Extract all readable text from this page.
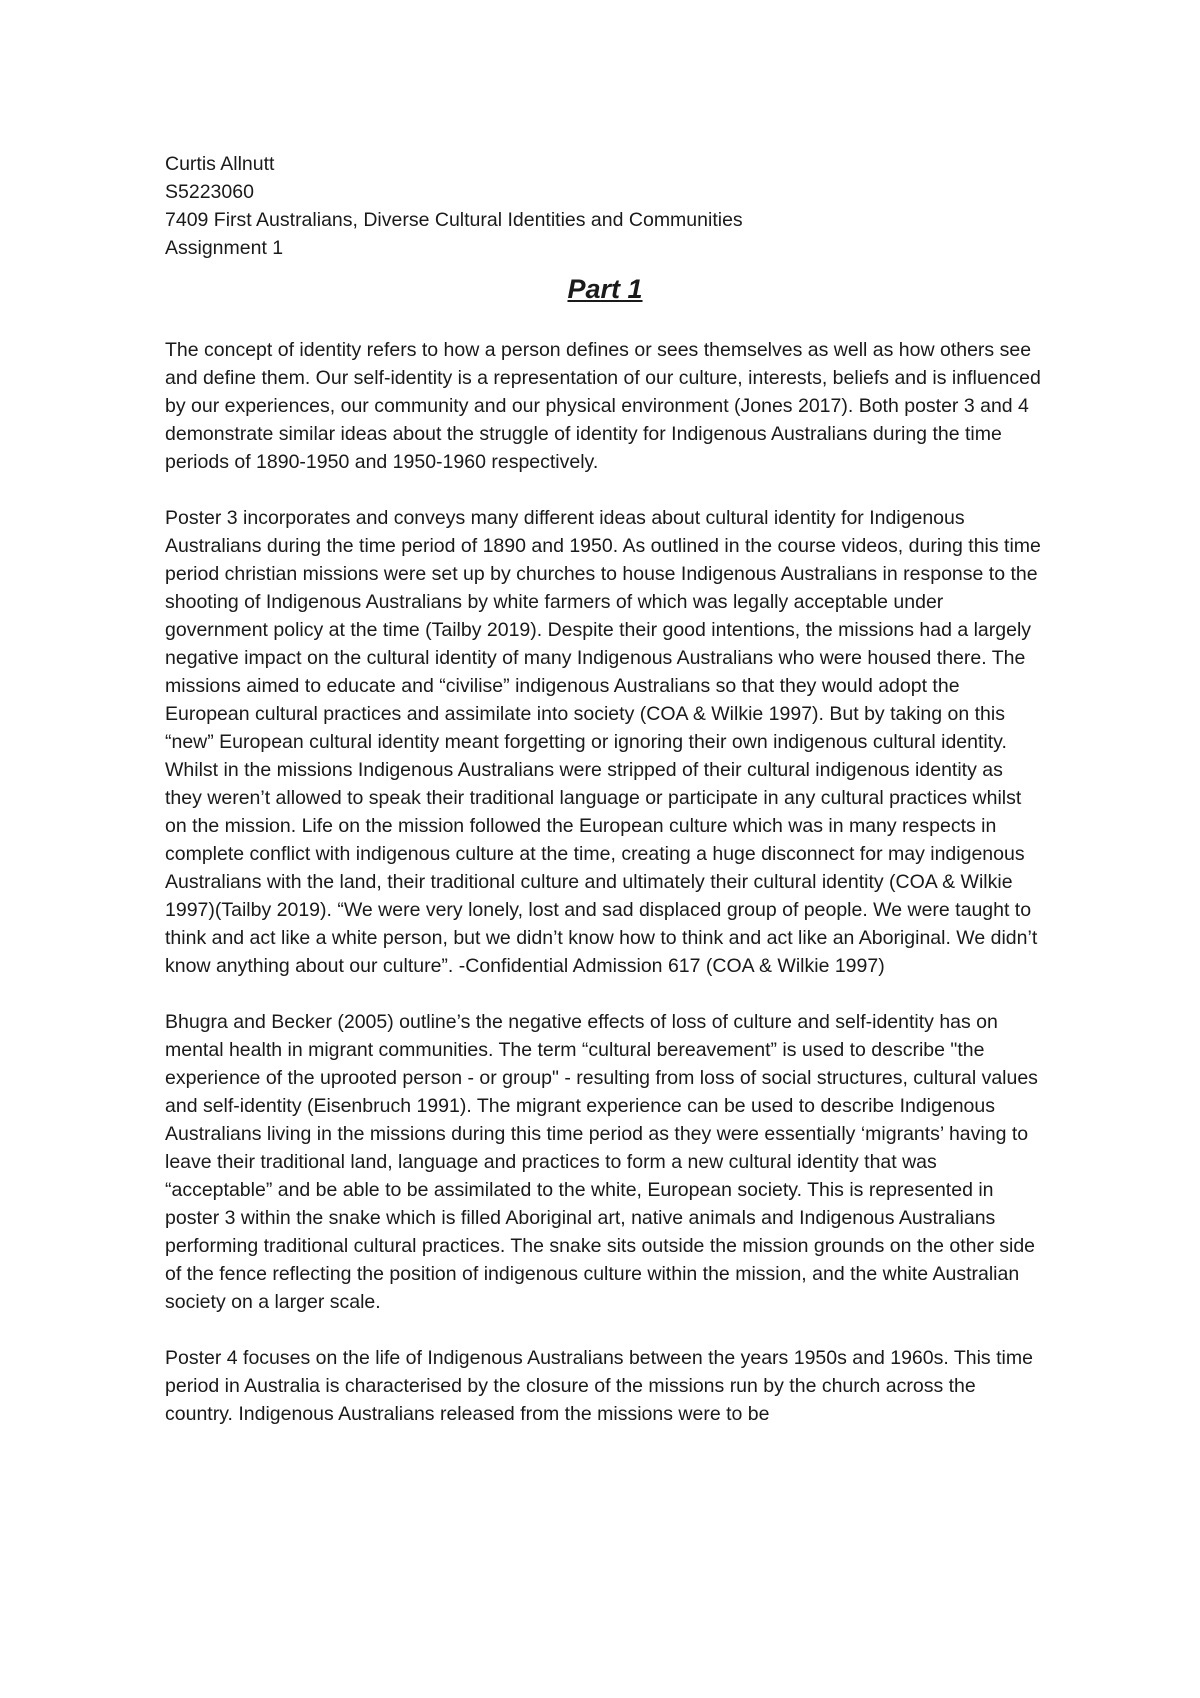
Curtis Allnutt

S5223060

7409 First Australians, Diverse Cultural Identities and Communities

Assignment 1

Part 1

The concept of identity refers to how a person defines or sees themselves as well as how others see and define them. Our self-identity is a representation of our culture, interests, beliefs and is influenced by our experiences, our community and our physical environment (Jones 2017). Both poster 3 and 4 demonstrate similar ideas about the struggle of identity for Indigenous Australians during the time periods of 1890-1950 and 1950-1960 respectively.

Poster 3 incorporates and conveys many different ideas about cultural identity for Indigenous Australians during the time period of 1890 and 1950. As outlined in the course videos, during this time period christian missions were set up by churches to house Indigenous Australians in response to the shooting of Indigenous Australians by white farmers of which was legally acceptable under government policy at the time (Tailby 2019). Despite their good intentions, the missions had a largely negative impact on the cultural identity of many Indigenous Australians who were housed there. The missions aimed to educate and “civilise” indigenous Australians so that they would adopt the European cultural practices and assimilate into society (COA & Wilkie 1997). But by taking on this “new” European cultural identity meant forgetting or ignoring their own indigenous cultural identity. Whilst in the missions Indigenous Australians were stripped of their cultural indigenous identity as they weren’t allowed to speak their traditional language or participate in any cultural practices whilst on the mission. Life on the mission followed the European culture which was in many respects in complete conflict with indigenous culture at the time, creating a huge disconnect for may indigenous Australians with the land, their traditional culture and ultimately their cultural identity (COA & Wilkie 1997)(Tailby 2019). “We were very lonely, lost and sad displaced group of people. We were taught to think and act like a white person, but we didn’t know how to think and act like an Aboriginal. We didn’t know anything about our culture”. -Confidential Admission 617 (COA & Wilkie 1997)

Bhugra and Becker (2005) outline’s the negative effects of loss of culture and self-identity has on mental health in migrant communities. The term “cultural bereavement” is used to describe "the experience of the uprooted person - or group" - resulting from loss of social structures, cultural values and self-identity (Eisenbruch 1991). The migrant experience can be used to describe Indigenous Australians living in the missions during this time period as they were essentially ‘migrants’ having to leave their traditional land, language and practices to form a new cultural identity that was “acceptable” and be able to be assimilated to the white, European society. This is represented in poster 3 within the snake which is filled Aboriginal art, native animals and Indigenous Australians performing traditional cultural practices. The snake sits outside the mission grounds on the other side of the fence reflecting the position of indigenous culture within the mission, and the white Australian society on a larger scale.

Poster 4 focuses on the life of Indigenous Australians between the years 1950s and 1960s. This time period in Australia is characterised by the closure of the missions run by the church across the country. Indigenous Australians released from the missions were to be
